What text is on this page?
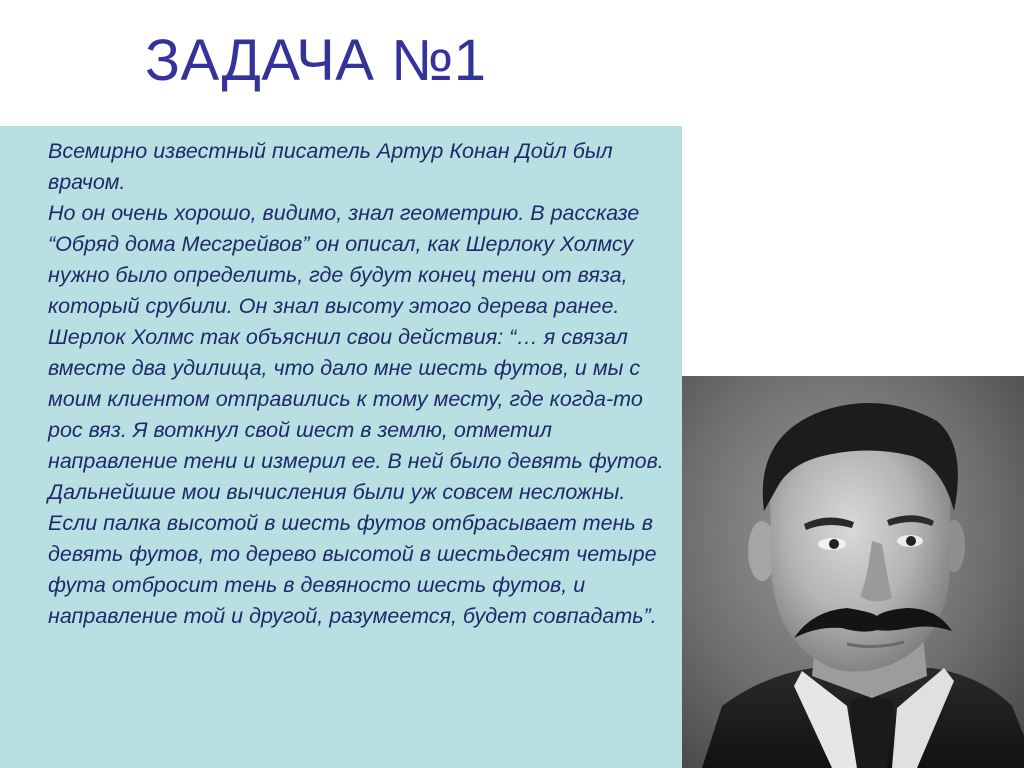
ЗАДАЧА №1

Всемирно известный писатель Артур Конан Дойл был врачом.

Но он очень хорошо, видимо, знал геометрию. В рассказе “Обряд дома Месгрейвов” он описал, как Шерлоку Холмсу нужно было определить, где будут конец тени от вяза, который срубили. Он знал высоту этого дерева ранее. Шерлок Холмс так объяснил свои действия: “… я связал вместе два удилища, что дало мне шесть футов, и мы с моим клиентом отправились к тому месту, где когда-то рос вяз. Я воткнул свой шест в землю, отметил направление тени и измерил ее. В ней было девять футов.

Дальнейшие мои вычисления были уж совсем несложны. Если палка высотой в шесть футов отбрасывает тень в девять футов, то дерево высотой в шестьдесят четыре фута отбросит тень в девяносто шесть футов, и направление той и другой, разумеется, будет совпадать”.
